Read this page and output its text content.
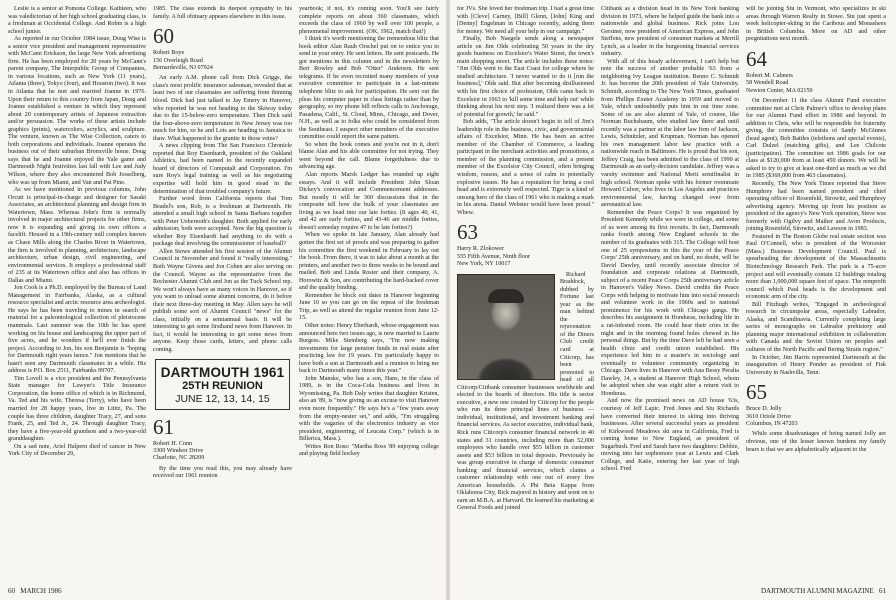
Leslie is a senior at Pomona College. Kathleen, who was valedictorian of her high school graduating class, is a freshman at Occidental College. And Robin is a high school junior.

As reported in our October 1984 issue, Doug Wise is a senior vice president and management representative with McCann Erickson, the large New York advertising firm. He has been employed for 20 years by McCann's parent company, The Interpublic Group of Companies, in various locations, such as New York (11 years), Atlanta (three), Tokyo (four), and Houston (two). It was in Atlanta that he met and married Joanne in 1976. Upon their return to this country from Japan, Doug and Joanne established a venture in which they represent about 20 contemporary artists of Japanese extraction and/or persuasion. The works of these artists include graphics (prints), watercolors, acrylics, and sculpture. The venture, known as The Wise Collection, caters to both corporations and individuals. Joanne operates the business out of their suburban Bronxville home. Doug says that he and Joanne enjoyed the Yale game and Dartmouth Night festivities last fall with Lee and Judy Wilson, where they also encountered Bob Josselberg, who was up from Miami, and Van and Pat Pine.

As we have mentioned in previous columns, John Orcutt is principal-in-charge and designer for Sasaki Associates, an architectural planning and design firm in Watertown, Mass. Whereas John's firm is normally involved in major architectural projects for other firms, now it is expanding and giving its own offices a facelift. Housed in a 19th-century mill complex known as Chase Mills along the Charles River in Watertown, the firm is involved in planning, architecture, landscape architecture, urban design, civil engineering, and environmental services. It employs a professional staff of 235 at its Watertown office and also has offices in Dallas and Miami.

Jon Cook is a Ph.D. employed by the Bureau of Land Management in Fairbanks, Alaska, as a cultural resource specialist and arctic resource area archeologist. He says he has been traveling to mines in search of material for a paleontological collection of pleistocene mammals. Last summer was the 10th he has spent working on his house and landscaping the upper part of five acres, and he wonders if he'll ever finish the project. According to Jon, his son Benjamin is "hoping for Dartmouth right years hence." Jon mentions that he hasn't seen any Dartmouth classmates in a while. His address is P.O. Box 2511, Fairbanks 99707.

Tim Lovell is a vice president and the Pennsylvania State manager for Lawyer's Title Insurance Corporation, the home office of which is in Richmond, Va. Ted and his wife, Theresa (Terry), who have been married for 28 happy years, live in Lititz, Pa. The couple has three children, daughter Tracy, 27, and sons Frank, 25, and Ted Jr., 24. Through daughter Tracy, they have a five-year-old grandson and a two-year-old granddaughter.

On a sad note, Ariel Halpern died of cancer in New York City of December 29,

1985. The class extends its deepest sympathy to his family. A full obituary appears elsewhere in this issue.

60
Robert Boye
156 Overleigh Road
Bernardsville, NJ 07924

An early A.M. phone call from Dick Griggs, the class's most prolific insurance salesman, revealed that at least two of our classmates are suffering from thinning blood. Dick had just talked to Jay Emery in Hanover, who reported he was not heading to the Skiway today due to the 15-below-zero temperature. Then Dick said the four-above-zero temperature in New Jersey was too much for him, so he and Lois are heading to Jamaica to thaw. What happened to the granite in those veins?

A news clipping from The San Francisco Chronicle reported that Roy Eisenhardt, president of the Oakland Athletics, had been named to the recently expanded board of directors of Computalt and Corporation. I'm sure Roy's legal training as well as his negotiating expertise will hold him in good stead in the determination of that troubled company's future.

Further word from California reports that Tom Beadel's son, Rob, is a freshman at Dartmouth. He attended a small high school in Santa Barbara together with Peter Uebernoth's daughter. Both applied for early admission; both were accepted. Now the big question is whether Roy Eisenhardt had anything to do with a package deal involving the commissioner of baseball?

Allen Stowe attended his first session of the Alumni Council in November and found it "really interesting." Both Wayne Givens and Jon Cohen are also serving on the Council. Wayne as the representative from the Rochester Alumni Club and Jon as the Tuck School rep. We won't always have as many voices in Hanover, so if you want to unload some alumni concerns, do it before their next three-day meeting in May. Allen says he will publish some sort of Alumni Council "news" for the class, initially on a semiannual basis. It will be interesting to get some firsthand news from Hanover. In fact, it would be interesting to get some news from anyone. Keep those cards, letters, and phone calls coming.

DARTMOUTH 1961
25TH REUNION
JUNE 12, 13, 14, 15
61
Robert H. Conn
3300 Windsor Drive
Charlotte, NC 28209

By the time you read this, you may already have received our 1961 reunion

yearbook; if not, it's coming soon. You'll see fairly complete reports on about 360 classmates, which exceeds the class of 1960 by well over 100 people, a phenomenal improvement. (OK, 1962, match that!)

I think it's worth mentioning the tremendous blitz that book editor Alan Rauh Orschel put on to entice you to send in your entry. He sent letters. He sent postcards. He got mentions in this column and in the newsletters by Bert Rowley and Bob "Otter" Anderson. He sent telegrams. If he even recruited many members of your executive committee to participate in a last-minute telephone blitz to ask for participation. He sent out the pleas his computer paper in class listings rather than by geography, so my phone bill reflects calls to Anchorage, Pasadena, Calif., St. Cloud, Minn., Chicago, and Dover, N.H., as well as to folks who could be considered from the Southeast. I suspect other members of the executive committee could report the same pattern.

So when the book comes and you're not in it, don't blame Alan and his able committee for not trying. They went beyond the call. Blame forgetfulness due to advancing age.

Alan reports Marsh Ledger has rounded up eight essays. And it will include President John Sloan Dickey's convocation and Commencement addresses. But mostly it will be 360 discussions that in the composite tell how the bulk of your classmates are living as we head into our late forties. (It ages 40, 41, and 42 are early forties, and 43-46 are middle forties, doesn't someday require 47 to be late forties?)

When we spoke in late January, Alan already had gotten the first set of proofs and was preparing to gather his committee the first weekend in February to lay out the book. From there, it was to take about a month at the printers, and another two to three weeks to be bound and mailed. Bob and Linda Rosier and their company, A. Horowitz & Son, are contributing the hard-backed cover and the quality binding.

Remember he block out dates in Hanover beginning June 10 so you can go on the repeat of the freshman Trip, as well as attend the regular reunion from June 12-15.

Other notes: Henry Eberhardt, whose engagement was announced here two issues ago, is now married to Laurie Burgess. Mike Steinberg says, "I'm now making investments for large pension funds in real estate after practicing law for 19 years. I'm particularly happy to have both a son at Dartmouth and a reunion to bring me back to Dartmouth many times this year."

John Manske, who has a son, Hans, in the class of 1989, is in the Coca-Cola business and lives in Wyomissing, Pa. Bob Daly writes that daughter Kristen, also an '89, is "now giving us an excuse to visit Hanover even more frequently." He says he's a "few years away from the empty-nester set," and adds, "I'm struggling with the vagaries of the electronics industry as vice president, engineering, of Leucata Corp." (which is in Billerica, Mass.).

Writes Ron Ross: "Martha Ross '89 enjoying college and playing field hockey

60 MARCH 1986

for JVs. She loved her freshman trip. I had a great time with [Cleve] Carney, [Bill] Glenn, [John] King and [Denny] Engelman in Chicago recently, asking them for money. We need all your help in our campaign."

Finally, Bob Naegele sends along a newspaper article on Jim Olds celebrating 50 years in the dry goods business on Excelsior's Water Street, the town's main shopping street. The article includes these notes: "Jim Olds went to the East Coast for college where he studied architecture. 'I never wanted to do it [run the business],' Olds said. But after becoming disillusioned with his first choice of profession, Olds came back to Excelsior in 1963 to 'kill some time and help out' while thinking about his next step. 'I realized there was a lot of potential for growth,' he said."

Bob adds, "The article doesn't begin to tell of Jim's leadership role in the business, civic, and governmental affairs of Excelsior, Minn. He has been an active member of the Chamber of Commerce, a leading participant in the merchant activities and promotions, a member of the planning commission, and a present member of the Excelsior City Council, often bringing wisdom, reason, and a sense of calm to potentially explosive issues. He has a reputation for being a cool head and is extremely well respected. Tiger is a kind of unsung hero of the class of 1961 who is making a mark in his arena. Daniel Webster would have been proud." Whew.

63
Harry R. Zlokower
555 Fifth Avenue, Ninth floor
New York, NY 10017

Richard Braddock, dubbed by Fortune last year as the man behind the rejuvenation of the Diners Club credit card at Citicorp, has been promoted to head of all Citicorp/Citibank consumer businesses worldwide and elected to the boards of directors. His title is sector executive, a new one created by Citicorp for the people who run its three principal lines of business — individual, institutional, and investment banking and financial services. As sector executive, individual bank, Rick runs Citicorp's consumer financial network in 40 states and 31 countries, including more than 52,000 employees who handle over $55 billion in customer assets and $53 billion in total deposits. Previously he was group executive in charge of domestic consumer banking and financial services, which claims a customer relationship with one out of every five American households. A Phi Beta Kappa from Oklahoma City, Rick majored in history and went on to earn an M.B.A. at Harvard. He learned his marketing at General Foods and joined

Citibank as a division head in its New York banking division in 1973, where he helped guide the bank into a nationwide and global business. Rick joins Lou Gerstner, now president of American Express, and John Steffens, new president of consumer markets at Merrill Lynch, as a leader in the burgeoning financial services industry.

With all of this heady achievement, I can't help but note the success of another probable '63 from a neighboring Ivy League institution. Benno C. Schmidt Jr. has become the 20th president of Yale University. Schmidt, according to The New York Times, graduated from Phillips Exeter Academy in 1959 and moved to Yale, which undoubtedly puts him in our time zone. Some of us are also alumni of Yale, of course, like Norman Buchsbaum, who studied law there and until recently was a partner at the labor law firm of Jackson, Lewis, Schnitzler, and Krupman. Norman has opened his own management labor law practice with a nationwide reach in Baltimore. He is proud that his son, Jeffrey Craig, has been admitted to the class of 1990 at Dartmouth as an early-decision candidate. Jeffrey was a varsity swimmer and National Merit semifinalist in high school. Norman spoke with his former roommate Howard Culver, who lives in Los Angeles and practices environmental law, having changed over from aeronautical law.

Remember the Peace Corps? It was organized by President Kennedy while we were in college, and some of us were among its first recruits. In fact, Dartmouth ranks fourth among New England schools in the number of its graduates with 315. The College will host one of 25 symposiums in this the year of the Peace Corps' 25th anniversary, and on hand, no doubt, will be David Dawley, until recently associate director of foundation and corporate relations at Dartmouth, subject of a recent Peace Corps 25th anniversary article in Hanover's Valley News. David credits the Peace Corps with helping to motivate him into social research and volunteer work in the 1960s and to national prominence for his work with Chicago gangs. He describes his assignment in Honduras, including life in a rat-infested room. He could hear their cries in the night and in the morning found holes chewed in his personal things. But by the time Dave left he had seen a health clinic and credit union established. His experience led him to a master's in sociology and eventually to volunteer community organizing in Chicago. Dave lives in Hanover with Ana Bessy Peralta Dawley, 14, a student at Hanover High School, whom he adopted when she was eight after a return visit to Honduras.

And now the promised news on AD house '63s, courtesy of Jeff Lapic. Fred Jones and Stu Richards have converted their interest in skiing into thriving businesses. After several successful years as president of Kirkwood Meadows ski area in California, Fred is coming home to New England, as president of Sugarbush. Fred and Sarah have two daughters: Debbie, moving into her sophomore year at Lewis and Clark College, and Katie, entering her last year of high school. Fred

will be joining Stu in Vermont, who specializes in ski areas through Warren Realty in Stowe. Stu just spent a week helicopter-skiing in the Caribous and Monashees in British Columbia. More on AD and other pregnitations next month.

64
Robert M. Cahners
58 Wendell Road
Newton Center, MA 02159

On December 11 the class Alumni Fund executive committee met at Chris Palmer's office to develop plans for our Alumni Fund effort in 1986 and beyond. In addition to Chris, who will be responsible for fraternity giving, the committee consists of Sandy McGinnes (head agent), Bob Battles (telethons and special events), Carl Dulzel (matching gifts), and Lee Chilcote (participation). The committee set 1986 goals for our class at $120,000 from at least 450 donors. We will be asked to try to give at least one-third as much as we did in 1985 ($369,000 from 463 classmates).

Recently, The New York Times reported that Steve Humphrey had been named president and chief operating officer of Rosenfeld, Sirowitz, and Humphrey advertising agency. Moving up from his position as president of the agency's New York operation, Steve was formerly with Ogilvy and Mather and Avon Products, joining Rosenfeld, Sirowitz, and Lawson in 1983.

Featured in The Boston Globe real estate section was Paul O'Connell, who is president of the Worcester (Mass.) Business Development Council. Paul is spearheading the development of the Massachusetts Biotechnology Research Park. The park is a 75-acre project and will eventually contain 12 buildings totaling more than 1,000,000 square feet of space. The nonprofit council which Paul heads is the development and economic arm of the city.

Bill Fitzhugh writes, "Engaged in archeological research in circumpolar areas, especially Labrador, Alaska, and Scandinavia. Currently completing large series of monographs on Labrador prehistory and planning major international exhibition in collaboration with Canada and the Soviet Union on peoples and cultures of the North Pacific and Bering Straits region."

In October, Jim Harris represented Dartmouth at the inauguration of Henry Ponder as president of Fisk University in Nashville, Tenn.

65
Bruce D. Jolly
3610 Oriole Drive
Columbus, IN 47203

While some disadvantages of being named Jolly are obvious, one of the lesser known burdens my family bears is that we are alphabetically adjacent to the

DARTMOUTH ALUMNI MAGAZINE 61
